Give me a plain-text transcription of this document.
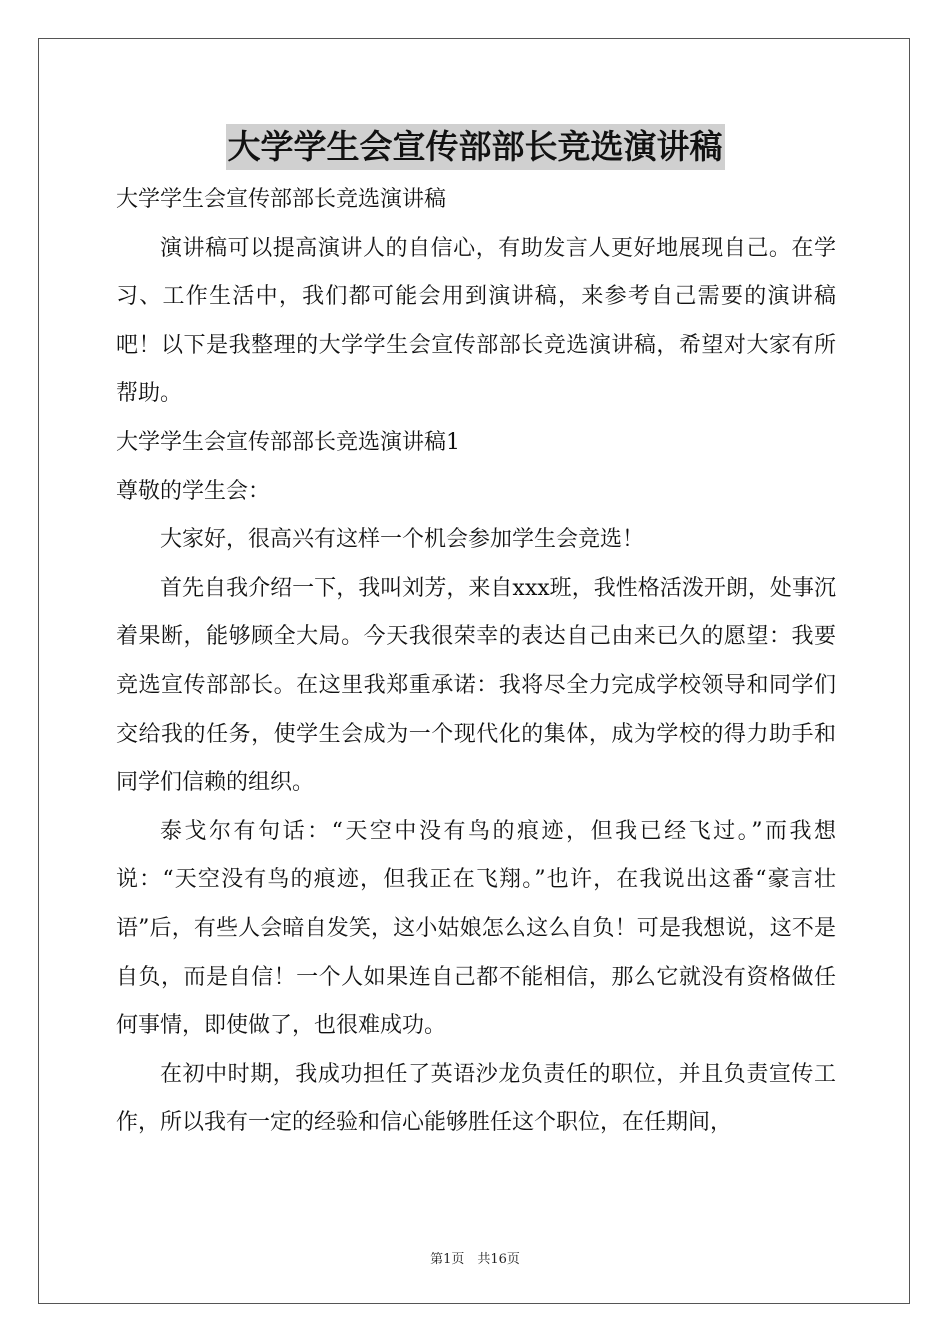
大学学生会宣传部部长竞选演讲稿

大学学生会宣传部部长竞选演讲稿

演讲稿可以提高演讲人的自信心，有助发言人更好地展现自己。在学习、工作生活中，我们都可能会用到演讲稿，来参考自己需要的演讲稿吧！以下是我整理的大学学生会宣传部部长竞选演讲稿，希望对大家有所帮助。

大学学生会宣传部部长竞选演讲稿1

尊敬的学生会：

大家好，很高兴有这样一个机会参加学生会竞选！

首先自我介绍一下，我叫刘芳，来自xxx班，我性格活泼开朗，处事沉着果断，能够顾全大局。今天我很荣幸的表达自己由来已久的愿望：我要竞选宣传部部长。在这里我郑重承诺：我将尽全力完成学校领导和同学们交给我的任务，使学生会成为一个现代化的集体，成为学校的得力助手和同学们信赖的组织。

泰戈尔有句话：“天空中没有鸟的痕迹，但我已经飞过。”而我想说：“天空没有鸟的痕迹，但我正在飞翔。”也许，在我说出这番“豪言壮语”后，有些人会暗自发笑，这小姑娘怎么这么自负！可是我想说，这不是自负，而是自信！一个人如果连自己都不能相信，那么它就没有资格做任何事情，即使做了，也很难成功。

在初中时期，我成功担任了英语沙龙负责任的职位，并且负责宣传工作，所以我有一定的经验和信心能够胜任这个职位，在任期间，

第1页　共16页
